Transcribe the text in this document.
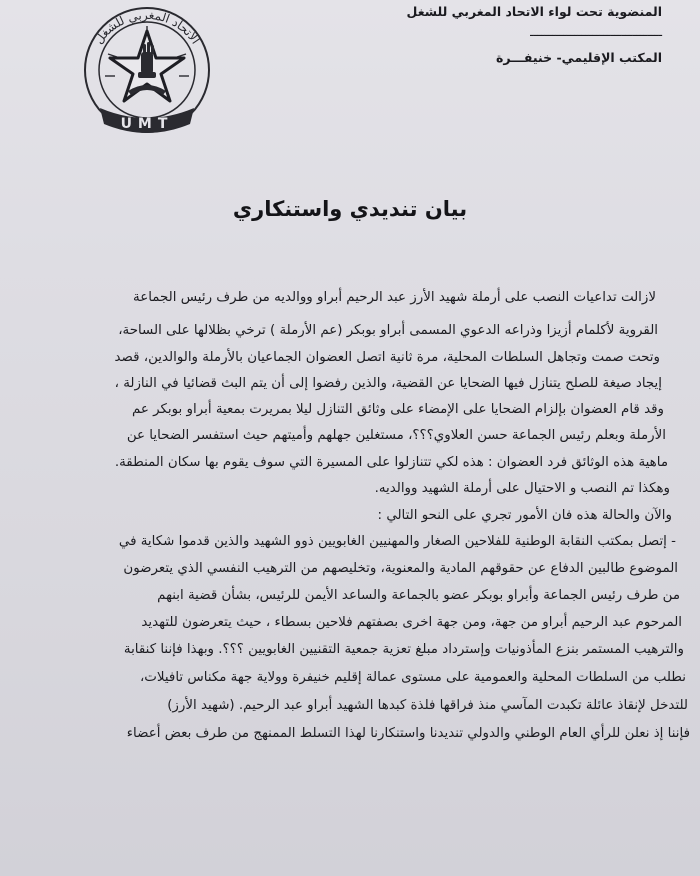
المنضوية تحت لواء الاتحاد المغربي للشغل
ــــــــــــــــــــــــــــــــــــ
المكتب الإقليمي- خنيفـــرة
الاتحاد المغربي للشغل
UMT
بيان تنديدي واستنكاري
لازالت تداعيات النصب على أرملة شهيد الأرز عبد الرحيم أبراو ووالديه من طرف رئيس الجماعة
القروية لأكلمام أزيزا وذراعه الدعوي المسمى أبراو بوبكر (عم الأرملة ) ترخي بظلالها على الساحة،
وتحت صمت وتجاهل السلطات المحلية، مرة ثانية اتصل العضوان الجماعيان بالأرملة والوالدين، قصد
إيجاد صيغة للصلح يتنازل فيها الضحايا عن القضية، والذين رفضوا إلى أن يتم البث قضائيا في النازلة ،
وقد قام العضوان بإلزام الضحايا على الإمضاء على وثائق التنازل ليلا بمريرت بمعية أبراو بوبكر عم
الأرملة وبعلم رئيس الجماعة حسن العلاوي؟؟؟، مستغلين جهلهم وأميتهم حيث استفسر الضحايا عن
ماهية هذه الوثائق فرد العضوان : هذه لكي تتنازلوا على المسيرة التي سوف يقوم بها سكان المنطقة.
وهكذا تم النصب و الاحتيال على أرملة الشهيد ووالديه.
والآن والحالة هذه فان الأمور تجري على النحو التالي :
- إتصل بمكتب النقابة الوطنية للفلاحين الصغار والمهنيين الغابويين ذوو الشهيد والذين قدموا شكاية في
الموضوع طالبين الدفاع عن حقوقهم المادية والمعنوية، وتخليصهم من الترهيب النفسي الذي يتعرضون
من طرف رئيس الجماعة وأبراو بوبكر عضو بالجماعة والساعد الأيمن للرئيس، بشأن قضية ابنهم
المرحوم عبد الرحيم أبراو من جهة، ومن جهة اخرى بصفتهم فلاحين بسطاء ، حيث يتعرضون للتهديد
والترهيب المستمر بنزع المأذونيات وإسترداد مبلغ تعزية جمعية التقنيين الغابويين ؟؟؟. وبهذا فإننا كنقابة
نطلب من السلطات المحلية والعمومية على مستوى عمالة إقليم خنيفرة وولاية جهة مكناس تافيلات،
للتدخل لإنقاذ عائلة تكبدت المآسي منذ فراقها فلذة كبدها الشهيد أبراو عبد الرحيم. (شهيد الأرز)
فإننا إذ نعلن للرأي العام الوطني والدولي تنديدنا واستنكارنا لهذا التسلط الممنهج من طرف بعض أعضاء
